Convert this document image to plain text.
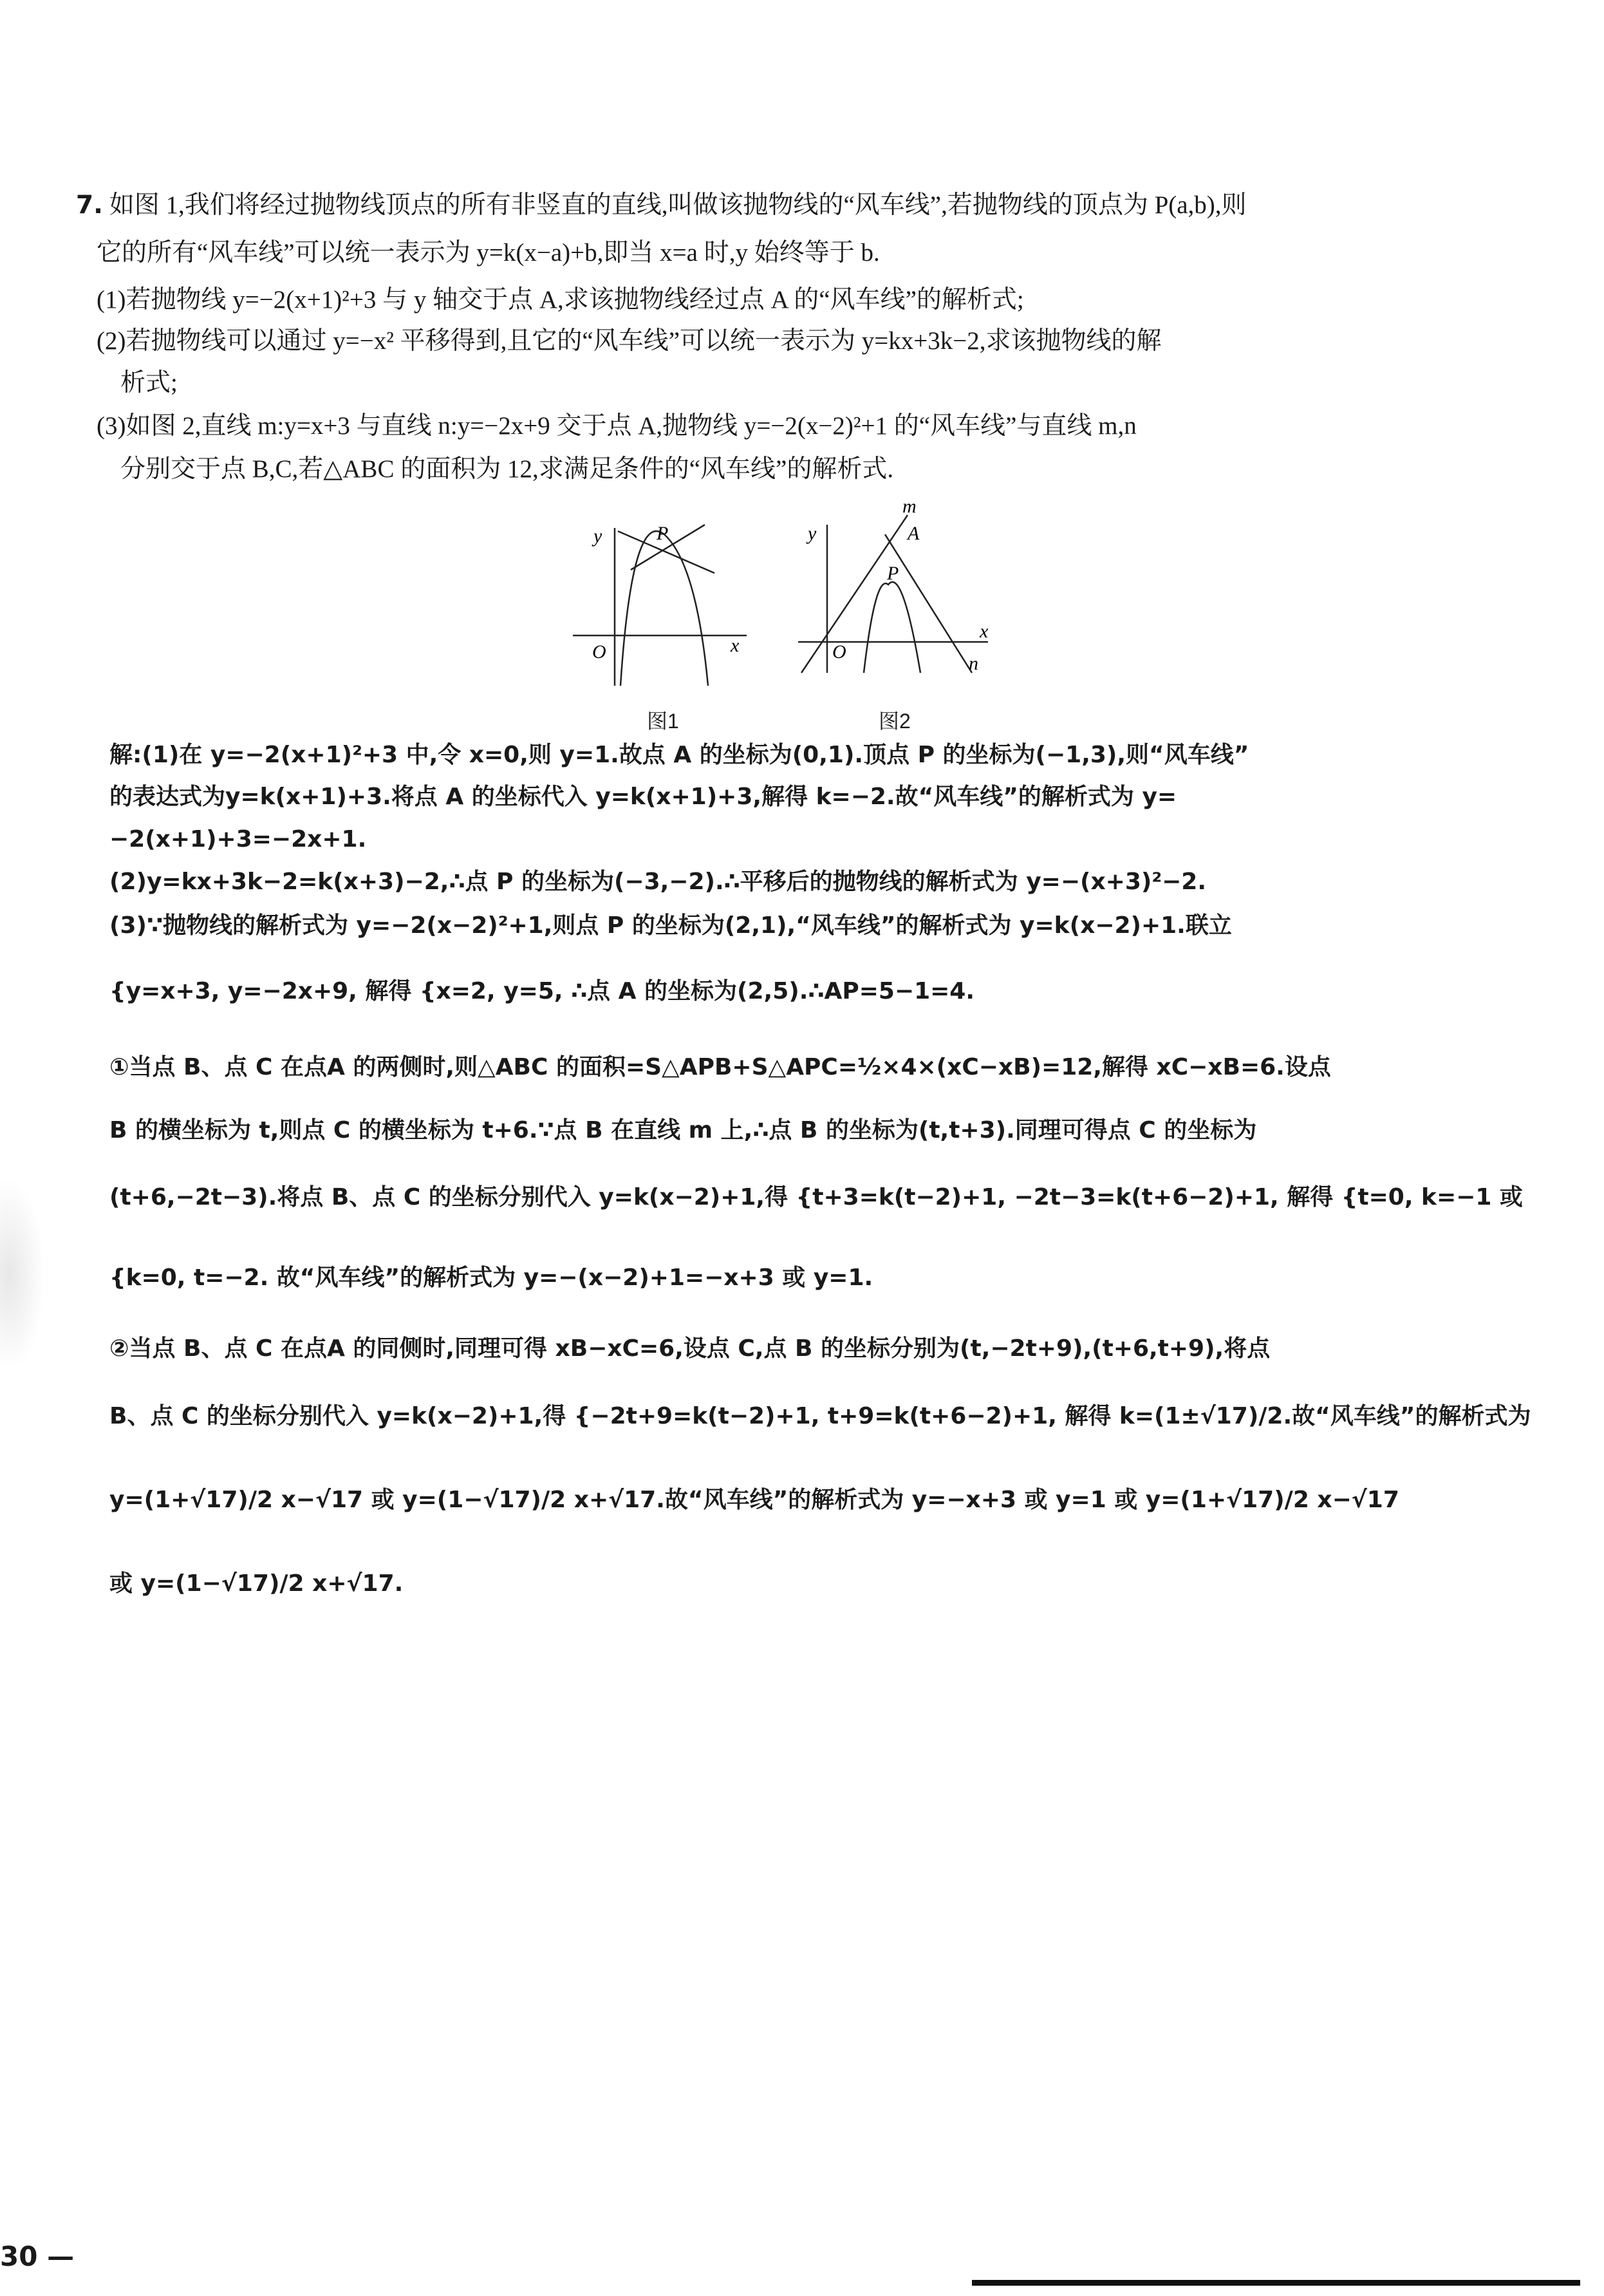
7. 如图 1,我们将经过抛物线顶点的所有非竖直的直线,叫做该抛物线的“风车线”,若抛物线的顶点为 P(a,b),则
它的所有“风车线”可以统一表示为 y=k(x−a)+b,即当 x=a 时,y 始终等于 b.
(1)若抛物线 y=−2(x+1)²+3 与 y 轴交于点 A,求该抛物线经过点 A 的“风车线”的解析式;
(2)若抛物线可以通过 y=−x² 平移得到,且它的“风车线”可以统一表示为 y=kx+3k−2,求该抛物线的解
析式;
(3)如图 2,直线 m:y=x+3 与直线 n:y=−2x+9 交于点 A,抛物线 y=−2(x−2)²+1 的“风车线”与直线 m,n
分别交于点 B,C,若△ABC 的面积为 12,求满足条件的“风车线”的解析式.
y
x
O
P
图1
y
x
O
P
A
m
n
图2
解:(1)在 y=−2(x+1)²+3 中,令 x=0,则 y=1.故点 A 的坐标为(0,1).顶点 P 的坐标为(−1,3),则“风车线”
的表达式为y=k(x+1)+3.将点 A 的坐标代入 y=k(x+1)+3,解得 k=−2.故“风车线”的解析式为 y=
−2(x+1)+3=−2x+1.
(2)y=kx+3k−2=k(x+3)−2,∴点 P 的坐标为(−3,−2).∴平移后的抛物线的解析式为 y=−(x+3)²−2.
(3)∵抛物线的解析式为 y=−2(x−2)²+1,则点 P 的坐标为(2,1),“风车线”的解析式为 y=k(x−2)+1.联立
{y=x+3, y=−2x+9, 解得 {x=2, y=5, ∴点 A 的坐标为(2,5).∴AP=5−1=4.
①当点 B、点 C 在点A 的两侧时,则△ABC 的面积=S△APB+S△APC=½×4×(xC−xB)=12,解得 xC−xB=6.设点
B 的横坐标为 t,则点 C 的横坐标为 t+6.∵点 B 在直线 m 上,∴点 B 的坐标为(t,t+3).同理可得点 C 的坐标为
(t+6,−2t−3).将点 B、点 C 的坐标分别代入 y=k(x−2)+1,得 {t+3=k(t−2)+1, −2t−3=k(t+6−2)+1, 解得 {t=0, k=−1 或
{k=0, t=−2. 故“风车线”的解析式为 y=−(x−2)+1=−x+3 或 y=1.
②当点 B、点 C 在点A 的同侧时,同理可得 xB−xC=6,设点 C,点 B 的坐标分别为(t,−2t+9),(t+6,t+9),将点
B、点 C 的坐标分别代入 y=k(x−2)+1,得 {−2t+9=k(t−2)+1, t+9=k(t+6−2)+1, 解得 k=(1±√17)/2.故“风车线”的解析式为
y=(1+√17)/2 x−√17 或 y=(1−√17)/2 x+√17.故“风车线”的解析式为 y=−x+3 或 y=1 或 y=(1+√17)/2 x−√17
或 y=(1−√17)/2 x+√17.
30 —
